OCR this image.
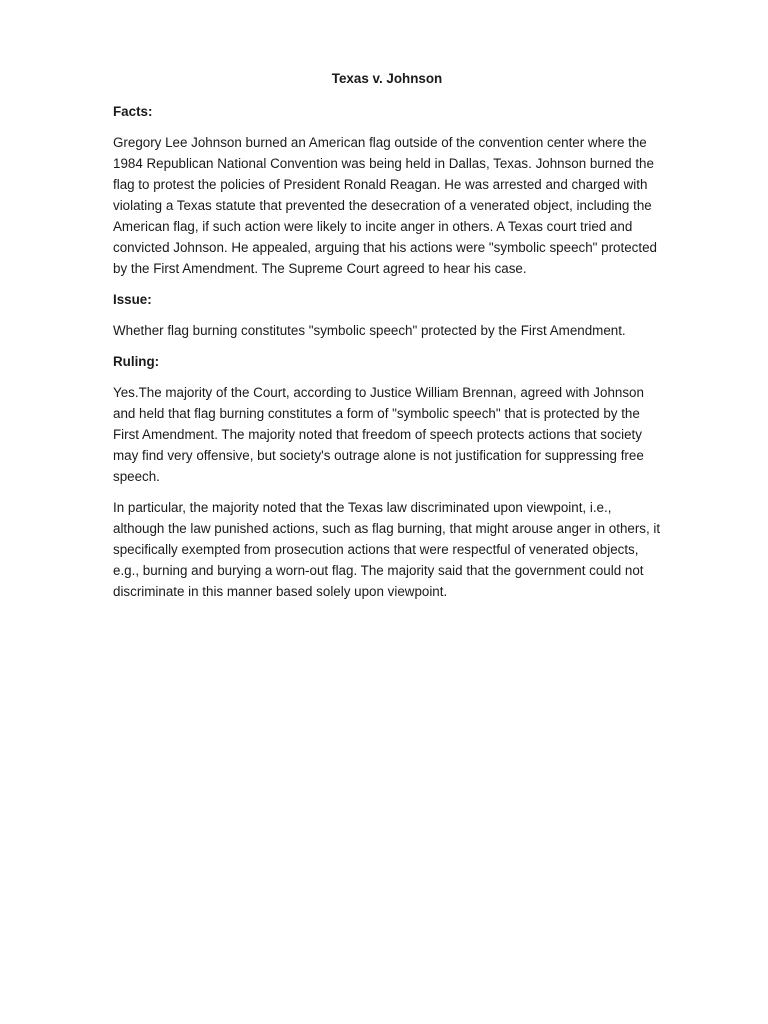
Texas v. Johnson
Facts:

Gregory Lee Johnson burned an American flag outside of the convention center where the 1984 Republican National Convention was being held in Dallas, Texas. Johnson burned the flag to protest the policies of President Ronald Reagan. He was arrested and charged with violating a Texas statute that prevented the desecration of a venerated object, including the American flag, if such action were likely to incite anger in others. A Texas court tried and convicted Johnson. He appealed, arguing that his actions were "symbolic speech" protected by the First Amendment. The Supreme Court agreed to hear his case.

Issue:

Whether flag burning constitutes "symbolic speech" protected by the First Amendment.

Ruling:

Yes.The majority of the Court, according to Justice William Brennan, agreed with Johnson and held that flag burning constitutes a form of "symbolic speech" that is protected by the First Amendment. The majority noted that freedom of speech protects actions that society may find very offensive, but society's outrage alone is not justification for suppressing free speech.

In particular, the majority noted that the Texas law discriminated upon viewpoint, i.e., although the law punished actions, such as flag burning, that might arouse anger in others, it specifically exempted from prosecution actions that were respectful of venerated objects, e.g., burning and burying a worn-out flag. The majority said that the government could not discriminate in this manner based solely upon viewpoint.
